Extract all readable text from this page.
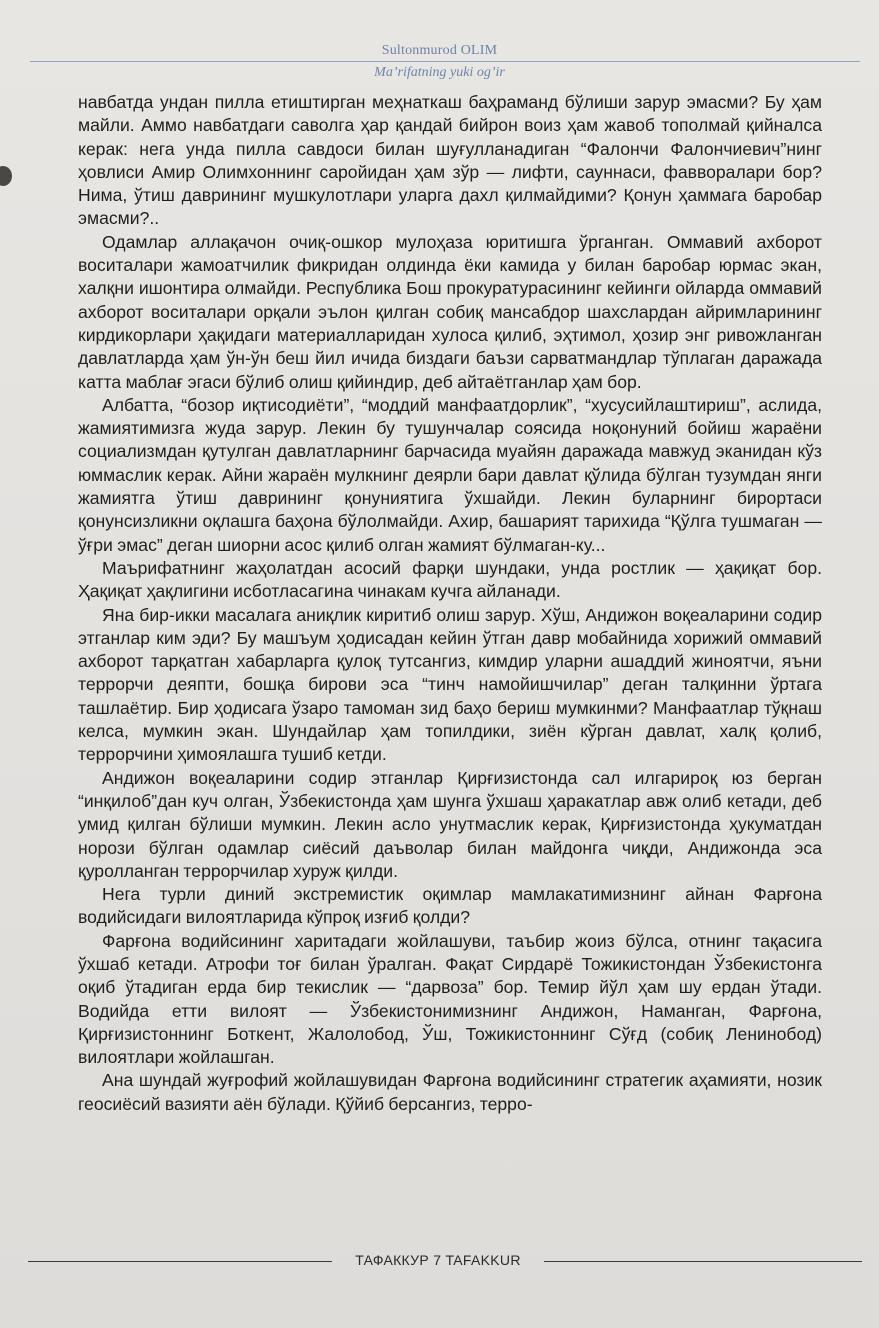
Sultonmurod OLIM
Ma’rifatning yuki og’ir

навбатда ундан пилла етиштирган меҳнаткаш баҳраманд бўлиши зарур эмасми? Бу ҳам майли. Аммо навбатдаги саволга ҳар қандай бийрон воиз ҳам жавоб тополмай қийналса керак: нега унда пилла савдоси билан шуғулланадиган “Фалончи Фалончиевич”нинг ҳовлиси Амир Олимхоннинг саройидан ҳам зўр — лифти, сауннаси, фавворалари бор? Нима, ўтиш даврининг мушкулотлари уларга дахл қилмайдими? Қонун ҳаммага баробар эмасми?..

Одамлар аллақачон очиқ-ошкор мулоҳаза юритишга ўрганган. Оммавий ахборот воситалари жамоатчилик фикридан олдинда ёки камида у билан баробар юрмас экан, халқни ишонтира олмайди. Республика Бош прокуратурасининг кейинги ойларда оммавий ахборот воситалари орқали эълон қилган собиқ мансабдор шахслардан айримларининг кирдикорлари ҳақидаги материалларидан хулоса қилиб, эҳтимол, ҳозир энг ривожланган давлатларда ҳам ўн-ўн беш йил ичида биздаги баъзи сарватмандлар тўплаган даражада катта маблағ эгаси бўлиб олиш қийиндир, деб айтаётганлар ҳам бор.

Албатта, “бозор иқтисодиёти”, “моддий манфаатдорлик”, “хусусийлаштириш”, аслида, жамиятимизга жуда зарур. Лекин бу тушунчалар соясида ноқонуний бойиш жараёни социализмдан қутулган давлатларнинг барчасида муайян даражада мавжуд эканидан кўз юммаслик керак. Айни жараён мулкнинг деярли бари давлат қўлида бўлган тузумдан янги жамиятга ўтиш даврининг қонуниятига ўхшайди. Лекин буларнинг бирортаси қонунсизликни оқлашга баҳона бўлолмайди. Ахир, башарият тарихида “Қўлга тушмаган — ўғри эмас” деган шиорни асос қилиб олган жамият бўлмаган-ку...

Маърифатнинг жаҳолатдан асосий фарқи шундаки, унда ростлик — ҳақиқат бор. Ҳақиқат ҳақлигини исботласагина чинакам кучга айланади.

Яна бир-икки масалага аниқлик киритиб олиш зарур. Хўш, Андижон воқеаларини содир этганлар ким эди? Бу машъум ҳодисадан кейин ўтган давр мобайнида хорижий оммавий ахборот тарқатган хабарларга қулоқ тутсангиз, кимдир уларни ашаддий жиноятчи, яъни террорчи деяпти, бошқа бирови эса “тинч намойишчилар” деган талқинни ўртага ташлаётир. Бир ҳодисага ўзаро тамоман зид баҳо бериш мумкинми? Манфаатлар тўқнаш келса, мумкин экан. Шундайлар ҳам топилдики, зиён кўрган давлат, халқ қолиб, террорчини ҳимоялашга тушиб кетди.

Андижон воқеаларини содир этганлар Қирғизистонда сал илгарироқ юз берган “инқилоб”дан куч олган, Ўзбекистонда ҳам шунга ўхшаш ҳаракатлар авж олиб кетади, деб умид қилган бўлиши мумкин. Лекин асло унутмаслик керак, Қирғизистонда ҳукуматдан норози бўлган одамлар сиёсий даъволар билан майдонга чиқди, Андижонда эса қуролланган террорчилар хуруж қилди.

Нега турли диний экстремистик оқимлар мамлакатимизнинг айнан Фарғона водийсидаги вилоятларида кўпроқ изғиб қолди?

Фарғона водийсининг харитадаги жойлашуви, таъбир жоиз бўлса, отнинг тақасига ўхшаб кетади. Атрофи тоғ билан ўралган. Фақат Сирдарё Тожикистондан Ўзбекистонга оқиб ўтадиган ерда бир текислик — “дарвоза” бор. Темир йўл ҳам шу ердан ўтади. Водийда етти вилоят — Ўзбекистонимизнинг Андижон, Наманган, Фарғона, Қирғизистоннинг Боткент, Жалолобод, Ўш, Тожикистоннинг Сўғд (собиқ Ленинобод) вилоятлари жойлашган.

Ана шундай жуғрофий жойлашувидан Фарғона водийсининг стратегик аҳамияти, нозик геосиёсий вазияти аён бўлади. Қўйиб берсангиз, терро-

ТАФАККУР 7 TAFAKKUR
